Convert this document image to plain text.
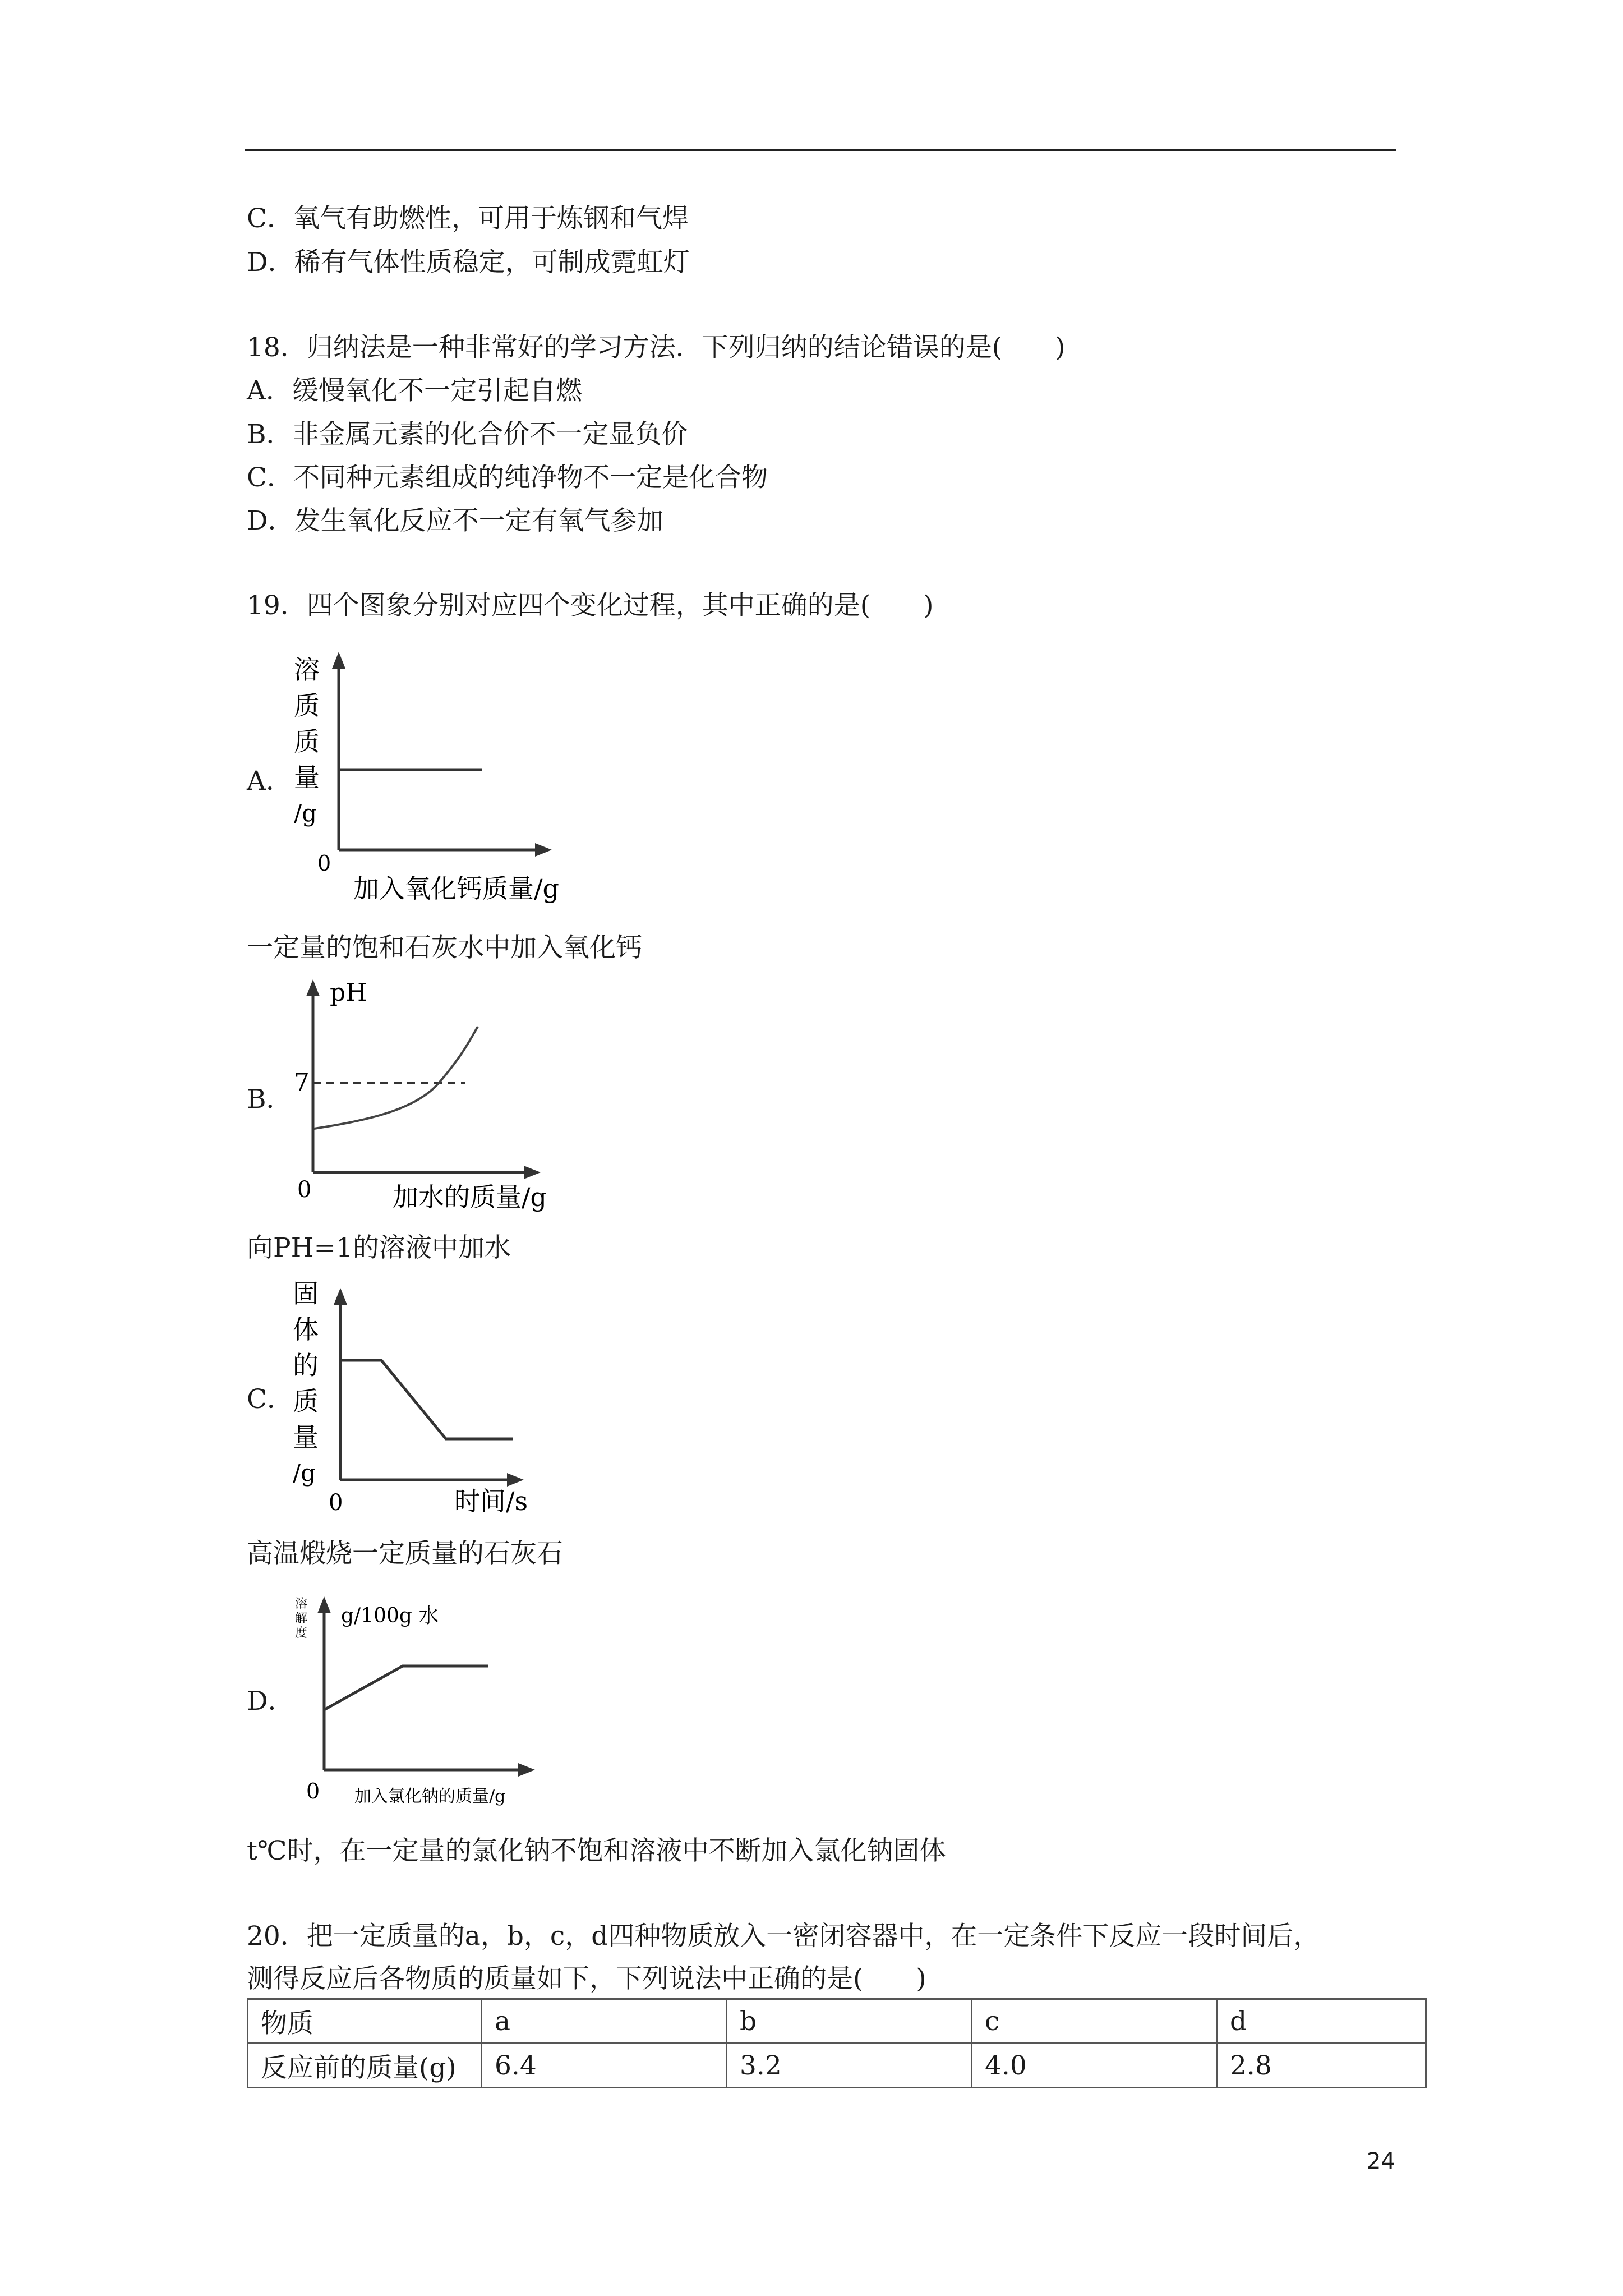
C．氧气有助燃性，可用于炼钢和气焊
D．稀有气体性质稳定，可制成霓虹灯
18．归纳法是一种非常好的学习方法．下列归纳的结论错误的是(　　)
A．缓慢氧化不一定引起自燃
B．非金属元素的化合价不一定显负价
C．不同种元素组成的纯净物不一定是化合物
D．发生氧化反应不一定有氧气参加
19．四个图象分别对应四个变化过程，其中正确的是(　　)
A．
溶
质
质
量
/g
0
加入氧化钙质量/g
一定量的饱和石灰水中加入氧化钙
B．
pH
7
0	加水的质量/g
向PH=1的溶液中加水
C．
固
体
的
质
量
/g
0	时间/s
高温煅烧一定质量的石灰石
D．
溶
解
度
g/100g 水
0 加入氯化钠的质量/g
t℃时，在一定量的氯化钠不饱和溶液中不断加入氯化钠固体
20．把一定质量的a，b，c，d四种物质放入一密闭容器中，在一定条件下反应一段时间后，
测得反应后各物质的质量如下，下列说法中正确的是(　　)
物质	a	b	c	d
反应前的质量(g)	6.4	3.2	4.0	2.8
24
